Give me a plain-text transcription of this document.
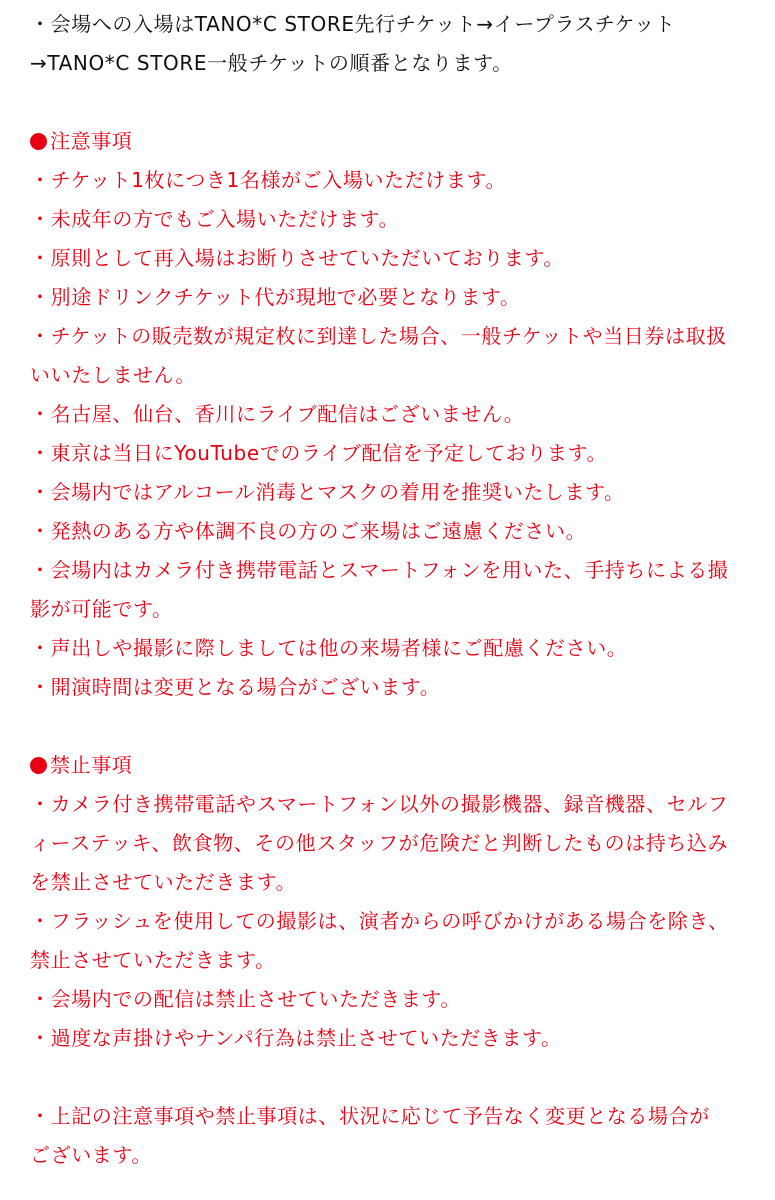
・会場への入場はTANO*C STORE先行チケット→イープラスチケット

→TANO*C STORE一般チケットの順番となります。

注意事項

・チケット1枚につき1名様がご入場いただけます。

・未成年の方でもご入場いただけます。

・原則として再入場はお断りさせていただいております。

・別途ドリンクチケット代が現地で必要となります。

・チケットの販売数が規定枚に到達した場合、一般チケットや当日券は取扱

いいたしません。

・名古屋、仙台、香川にライブ配信はございません。

・東京は当日にYouTubeでのライブ配信を予定しております。

・会場内ではアルコール消毒とマスクの着用を推奨いたします。

・発熱のある方や体調不良の方のご来場はご遠慮ください。

・会場内はカメラ付き携帯電話とスマートフォンを用いた、手持ちによる撮

影が可能です。

・声出しや撮影に際しましては他の来場者様にご配慮ください。

・開演時間は変更となる場合がございます。

禁止事項

・カメラ付き携帯電話やスマートフォン以外の撮影機器、録音機器、セルフ

ィーステッキ、飲食物、その他スタッフが危険だと判断したものは持ち込み

を禁止させていただきます。

・フラッシュを使用しての撮影は、演者からの呼びかけがある場合を除き、

禁止させていただきます。

・会場内での配信は禁止させていただきます。

・過度な声掛けやナンパ行為は禁止させていただきます。

・上記の注意事項や禁止事項は、状況に応じて予告なく変更となる場合が

ございます。
